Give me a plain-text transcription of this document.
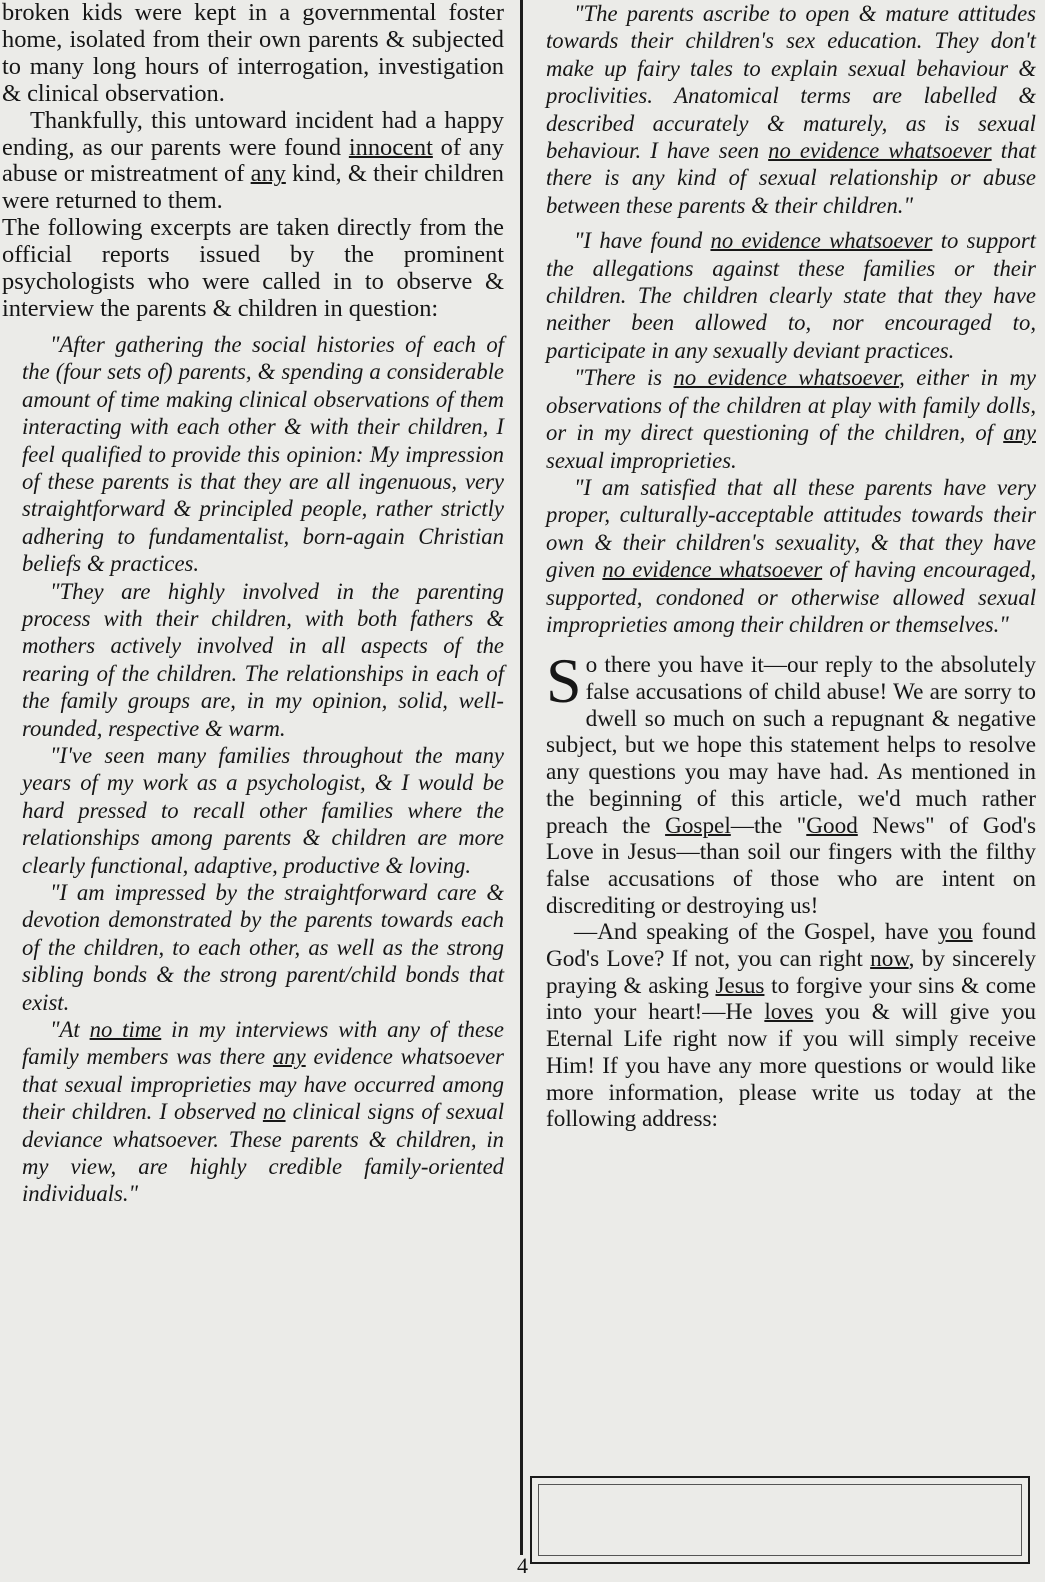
broken kids were kept in a governmental foster home, isolated from their own parents & subjected to many long hours of interrogation, investigation & clinical observation.

Thankfully, this untoward incident had a happy ending, as our parents were found innocent of any abuse or mistreatment of any kind, & their children were returned to them.

The following excerpts are taken directly from the official reports issued by the prominent psychologists who were called in to observe & interview the parents & children in question:

"After gathering the social histories of each of the (four sets of) parents, & spending a considerable amount of time making clinical observations of them interacting with each other & with their children, I feel qualified to provide this opinion: My impression of these parents is that they are all ingenuous, very straightforward & principled people, rather strictly adhering to fundamentalist, born-again Christian beliefs & practices.

"They are highly involved in the parenting process with their children, with both fathers & mothers actively involved in all aspects of the rearing of the children. The relationships in each of the family groups are, in my opinion, solid, well-rounded, respective & warm.

"I've seen many families throughout the many years of my work as a psychologist, & I would be hard pressed to recall other families where the relationships among parents & children are more clearly functional, adaptive, productive & loving.

"I am impressed by the straightforward care & devotion demonstrated by the parents towards each of the children, to each other, as well as the strong sibling bonds & the strong parent/child bonds that exist.

"At no time in my interviews with any of these family members was there any evidence whatsoever that sexual improprieties may have occurred among their children. I observed no clinical signs of sexual deviance whatsoever. These parents & children, in my view, are highly credible family-oriented individuals."

"The parents ascribe to open & mature attitudes towards their children's sex education. They don't make up fairy tales to explain sexual behaviour & proclivities. Anatomical terms are labelled & described accurately & maturely, as is sexual behaviour. I have seen no evidence whatsoever that there is any kind of sexual relationship or abuse between these parents & their children."

"I have found no evidence whatsoever to support the allegations against these families or their children. The children clearly state that they have neither been allowed to, nor encouraged to, participate in any sexually deviant practices.

"There is no evidence whatsoever, either in my observations of the children at play with family dolls, or in my direct questioning of the children, of any sexual improprieties.

"I am satisfied that all these parents have very proper, culturally-acceptable attitudes towards their own & their children's sexuality, & that they have given no evidence whatsoever of having encouraged, supported, condoned or otherwise allowed sexual improprieties among their children or themselves."

So there you have it—our reply to the absolutely false accusations of child abuse! We are sorry to dwell so much on such a repugnant & negative subject, but we hope this statement helps to resolve any questions you may have had. As mentioned in the beginning of this article, we'd much rather preach the Gospel—the "Good News" of God's Love in Jesus—than soil our fingers with the filthy false accusations of those who are intent on discrediting or destroying us!

—And speaking of the Gospel, have you found God's Love? If not, you can right now, by sincerely praying & asking Jesus to forgive your sins & come into your heart!—He loves you & will give you Eternal Life right now if you will simply receive Him! If you have any more questions or would like more information, please write us today at the following address:

4
